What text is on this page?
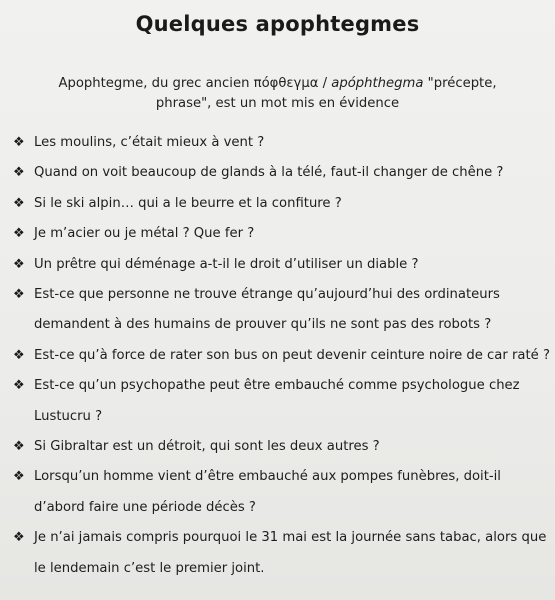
Quelques apophtegmes
Apophtegme, du grec ancien πόφθεγμα / apóphthegma "précepte,
phrase", est un mot mis en évidence
❖ Les moulins, c’était mieux à vent ?
❖ Quand on voit beaucoup de glands à la télé, faut-il changer de chêne ?
❖ Si le ski alpin… qui a le beurre et la confiture ?
❖ Je m’acier ou je métal ? Que fer ?
❖ Un prêtre qui déménage a-t-il le droit d’utiliser un diable ?
❖ Est-ce que personne ne trouve étrange qu’aujourd’hui des ordinateurs
demandent à des humains de prouver qu’ils ne sont pas des robots ?
❖ Est-ce qu’à force de rater son bus on peut devenir ceinture noire de car raté ?
❖ Est-ce qu’un psychopathe peut être embauché comme psychologue chez
Lustucru ?
❖ Si Gibraltar est un détroit, qui sont les deux autres ?
❖ Lorsqu’un homme vient d’être embauché aux pompes funèbres, doit-il
d’abord faire une période décès ?
❖ Je n’ai jamais compris pourquoi le 31 mai est la journée sans tabac, alors que
le lendemain c’est le premier joint.
